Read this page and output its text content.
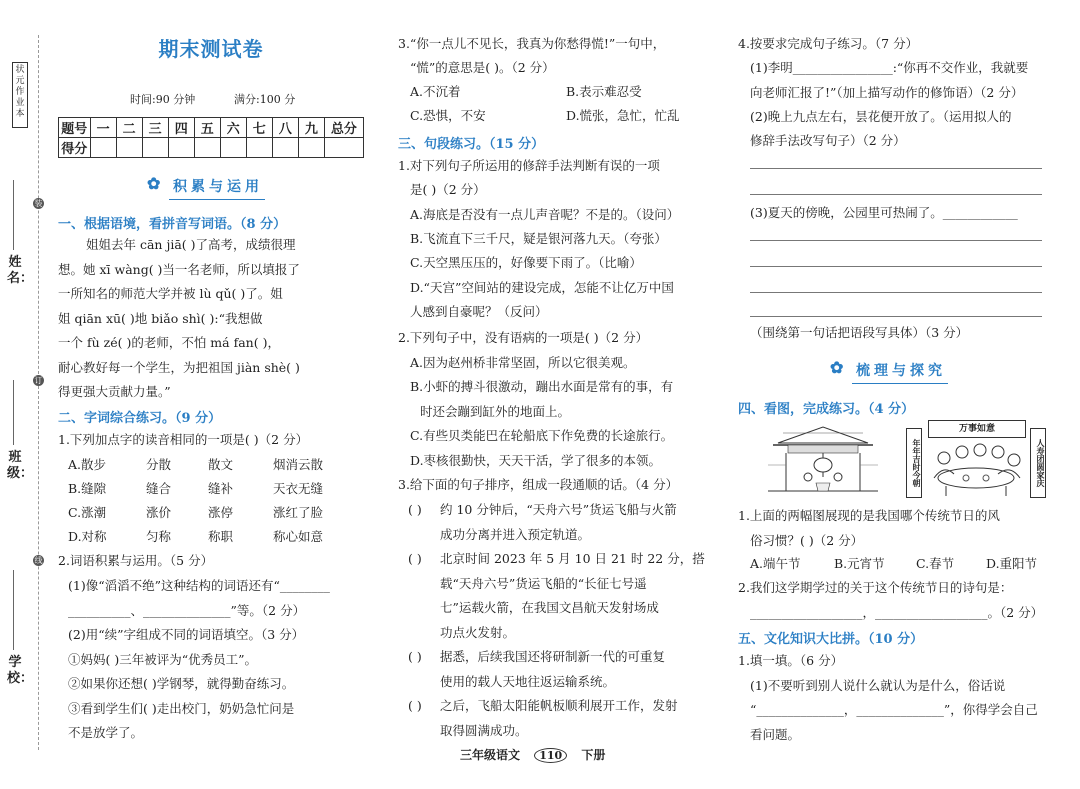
状元作业本
姓名：
班级：
学校：
装
订
线
期末测试卷
时间:90 分钟	满分:100 分
题号	一	二	三	四	五	六	七	八	九	总分
得分										
✿ 积累与运用
一、根据语境，看拼音写词语。（8 分）
姐姐去年 cān jiā( )了高考，成绩很理
想。她 xī wàng( )当一名老师，所以填报了
一所知名的师范大学并被 lù qǔ( )了。姐
姐 qiān xū( )地 biǎo shì( ):“我想做
一个 fù zé( )的老师，不怕 má fan( )，
耐心教好每一个学生，为把祖国 jiàn shè( )
得更强大贡献力量。”
二、字词综合练习。（9 分）
1.下列加点字的读音相同的一项是( )（2 分）
A.散步	分散	散文	烟消云散
B.缝隙	缝合	缝补	天衣无缝
C.涨潮	涨价	涨停	涨红了脸
D.对称	匀称	称职	称心如意
2.词语积累与运用。（5 分）
(1)像“滔滔不绝”这种结构的词语还有“________
__________、______________”等。（2 分）
(2)用“续”字组成不同的词语填空。（3 分）
①妈妈( )三年被评为“优秀员工”。
②如果你还想( )学钢琴，就得勤奋练习。
③看到学生们( )走出校门，奶奶急忙问是
不是放学了。
3.“你一点儿不见长，我真为你愁得慌!”一句中，
“慌”的意思是( )。（2 分）
A.不沉着	B.表示难忍受
C.恐惧，不安	D.慌张，急忙，忙乱
三、句段练习。（15 分）
1.对下列句子所运用的修辞手法判断有误的一项
是( )（2 分）
A.海底是否没有一点儿声音呢？不是的。（设问）
B.飞流直下三千尺，疑是银河落九天。（夸张）
C.天空黑压压的，好像要下雨了。（比喻）
D.“天宫”空间站的建设完成，怎能不让亿万中国
人感到自豪呢？（反问）
2.下列句子中，没有语病的一项是( )（2 分）
A.因为赵州桥非常坚固，所以它很美观。
B.小虾的搏斗很激动，蹦出水面是常有的事，有
时还会蹦到缸外的地面上。
C.有些贝类能巴在轮船底下作免费的长途旅行。
D.枣核很勤快，天天干活，学了很多的本领。
3.给下面的句子排序，组成一段通顺的话。（4 分）
( ) 约 10 分钟后，“天舟六号”货运飞船与火箭
成功分离并进入预定轨道。
( ) 北京时间 2023 年 5 月 10 日 21 时 22 分，搭
载“天舟六号”货运飞船的“长征七号遥
七”运载火箭，在我国文昌航天发射场成
功点火发射。
( ) 据悉，后续我国还将研制新一代的可重复
使用的载人天地往返运输系统。
( ) 之后，飞船太阳能帆板顺利展开工作，发射
取得圆满成功。
4.按要求完成句子练习。（7 分）
(1)李明________________:“你再不交作业，我就要
向老师汇报了!”（加上描写动作的修饰语）（2 分）
(2)晚上九点左右，昙花便开放了。（运用拟人的
修辞手法改写句子）（2 分）
(3)夏天的傍晚，公园里可热闹了。____________
（围绕第一句话把语段写具体）（3 分）
✿ 梳理与探究
四、看图，完成练习。（4 分）
万事如意
年年吉时今朝	人寿团圆家庆
1.上面的两幅图展现的是我国哪个传统节日的风
俗习惯？( )（2 分）
A.端午节	B.元宵节	C.春节	D.重阳节
2.我们这学期学过的关于这个传统节日的诗句是：
__________________，__________________。（2 分）
五、文化知识大比拼。（10 分）
1.填一填。（6 分）
(1)不要听到别人说什么就认为是什么，俗话说
“______________，______________”，你得学会自己
看问题。
三年级语文 110 下册
